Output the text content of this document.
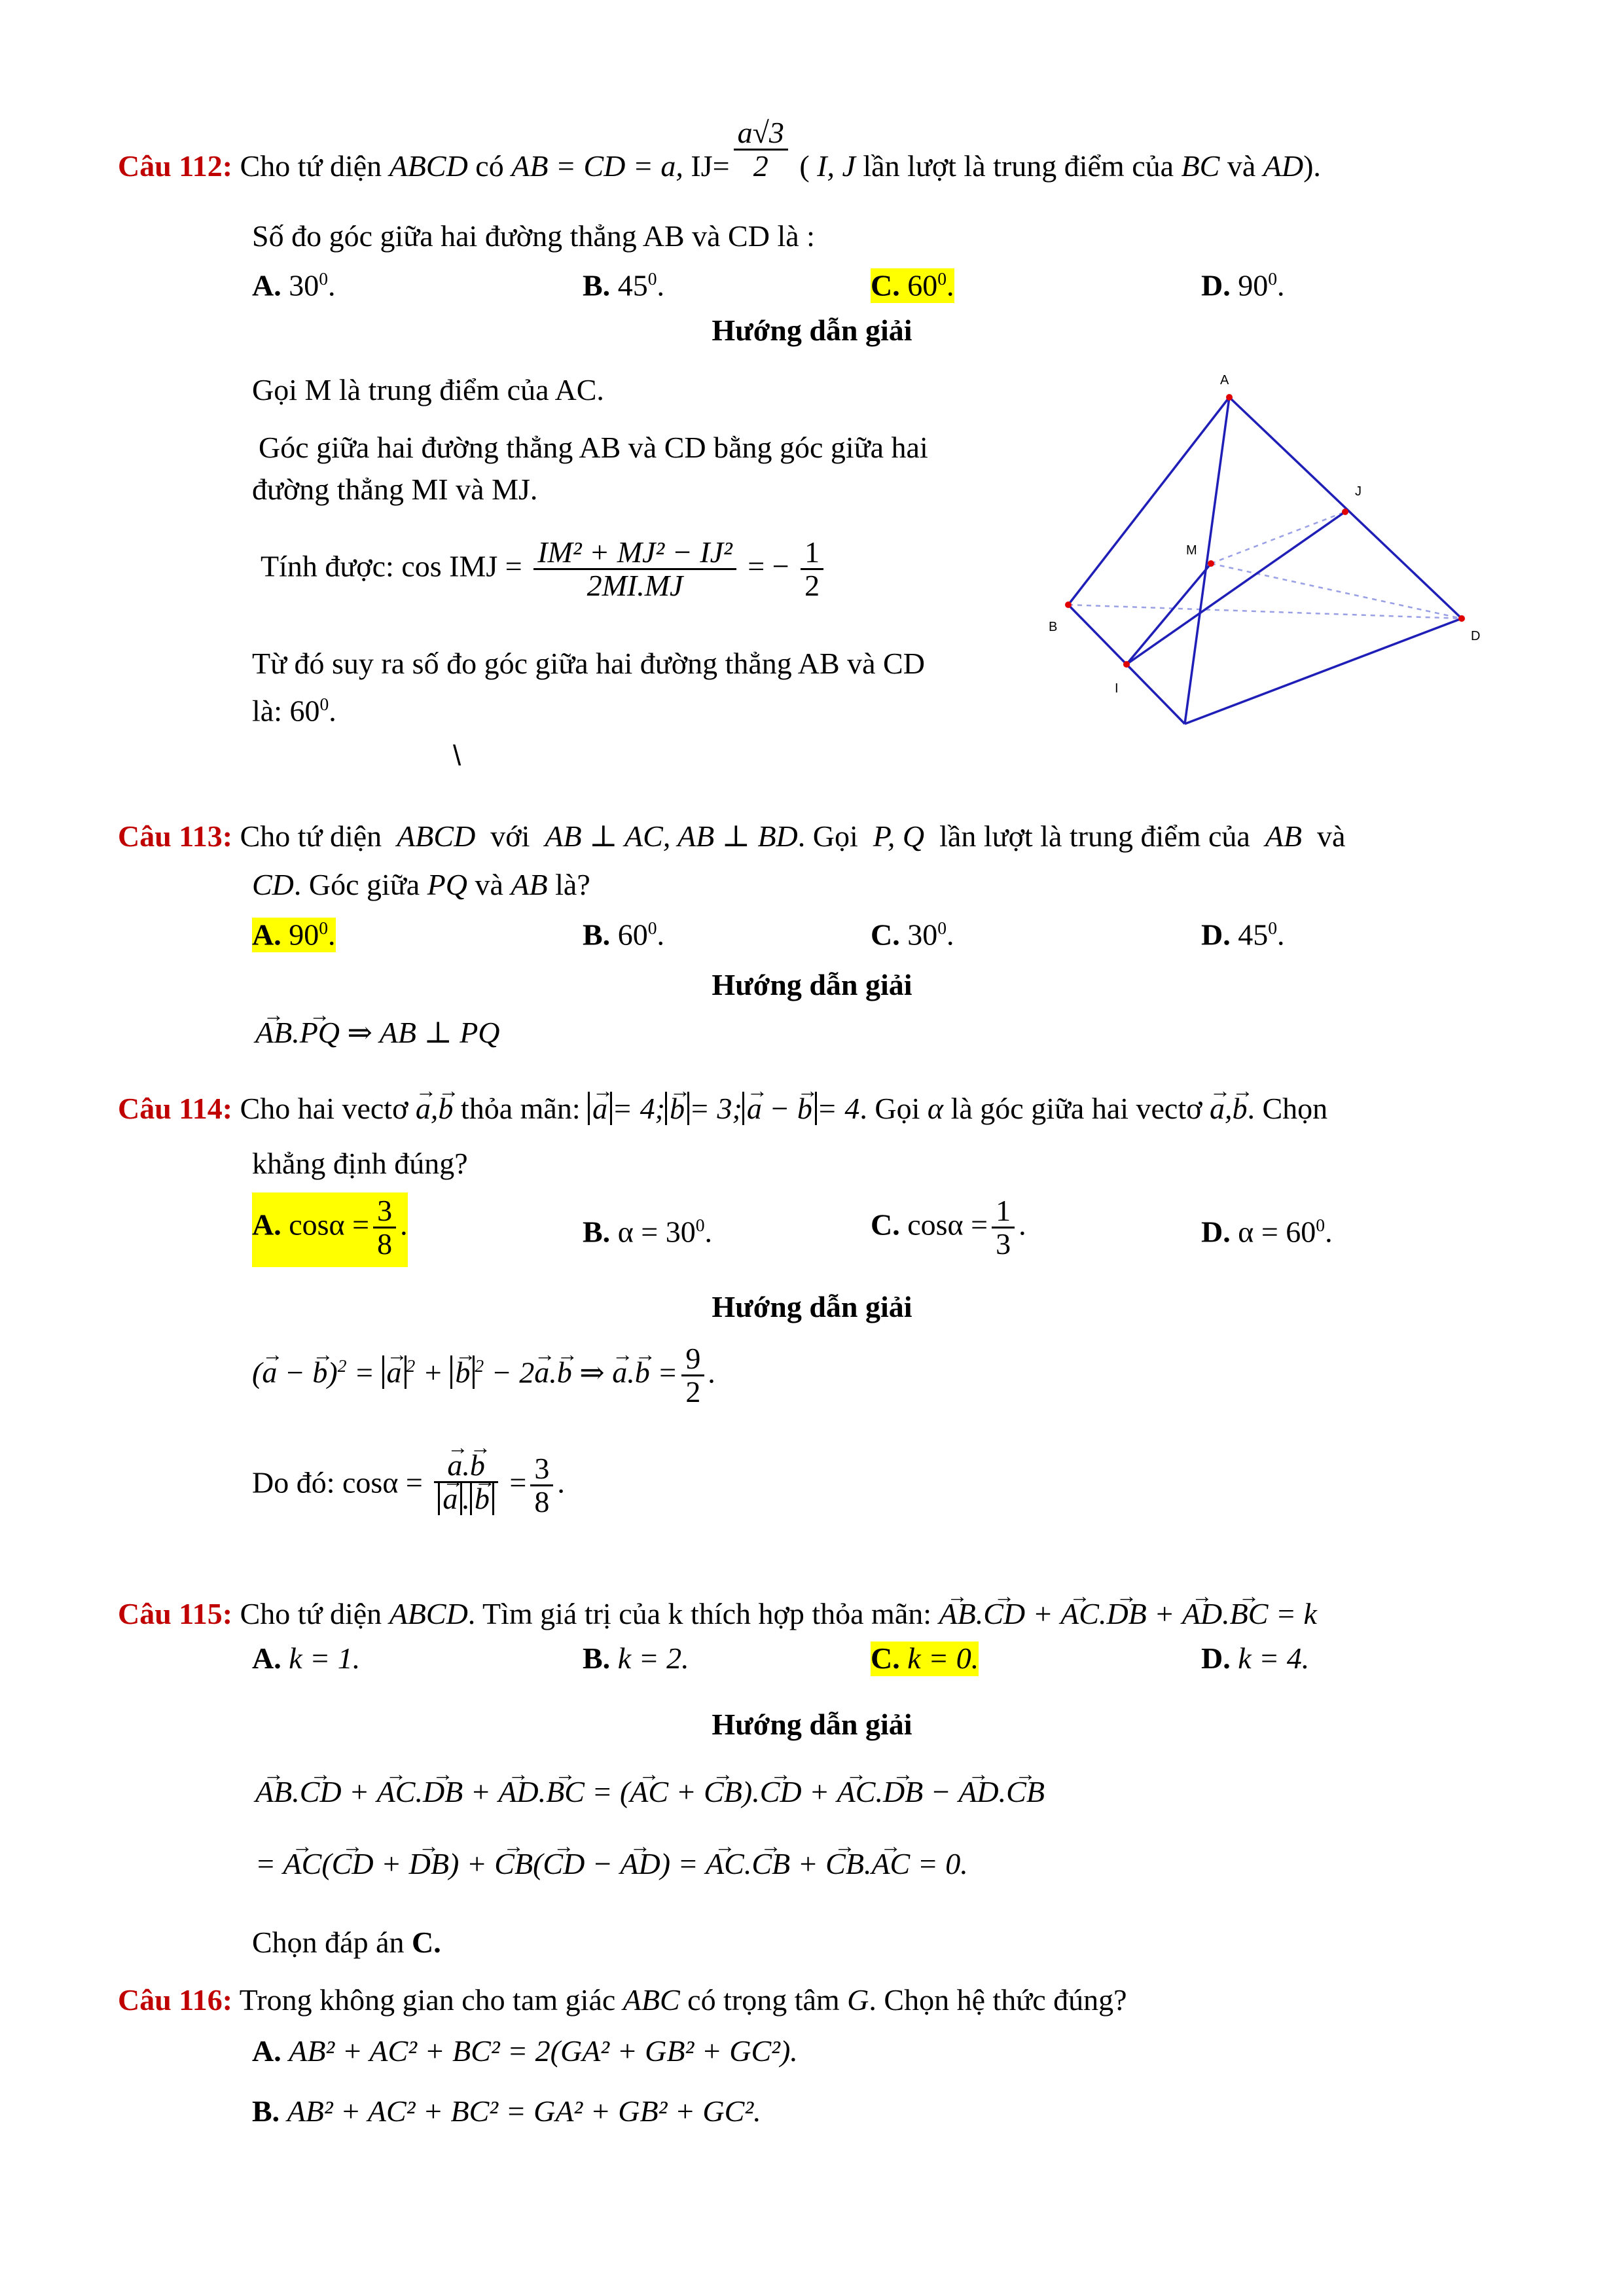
Câu 112: Cho tứ diện ABCD có AB = CD = a, $IJ= \frac{a√3}{2}$ ( I, J lần lượt là trung điểm của BC và AD).
Số đo góc giữa hai đường thẳng AB và CD là :
A. $30^0$.	B. $45^0$.	C. $60^0$.	D. $90^0$.
Hướng dẫn giải
Gọi M là trung điểm của AC.
Góc giữa hai đường thẳng AB và CD bằng góc giữa hai
đường thẳng MI và MJ.
Tính được: cos IMJ = $\frac{\text{IM² + MJ² − IJ²}}{2MI.MJ}$ = − $\frac{1}{2}$
Từ đó suy ra số đo góc giữa hai đường thẳng AB và CD
là: $60^0$.
\
A
B
D
I
J
M
Câu 113: Cho tứ diện ABCD với AB ⊥ AC, AB ⊥ BD. Gọi P, Q lần lượt là trung điểm của AB và
CD. Góc giữa PQ và AB là?
A. $90^0$.	B. $60^0$.	C. $30^0$.	D. $45^0$.
Hướng dẫn giải
→ AB.→ PQ ⇒ AB ⊥ PQ
Câu 114: Cho hai vectơ → a,→ b thỏa mãn: → a = 4; → b = 3; → a − → b = 4. Gọi α là góc giữa hai vectơ → a,→ b. Chọn
khẳng định đúng?
A. $\cos\alpha = \frac{3}{8}$ .	B. $\alpha = 30^0$.	C. $\cos\alpha = \frac{1}{3}$ .	D. $\alpha = 60^0$.
Hướng dẫn giải
(→ a − → b)$^2$ = → a $^2$ + → b $^2$ − 2→ a.→ b ⇒ → $a.\to b = \frac{9}{2}$ .
Do đó: cosα = → a.→ b
→ a . → $b = \frac{3}{8}$ .
Câu 115: Cho tứ diện ABCD. Tìm giá trị của k thích hợp thỏa mãn: → AB.→ CD + → AC.→ DB + → AD.→ BC = k
A. k = 1.	B. k = 2.	C. k = 0.	D. k = 4.
Hướng dẫn giải
→ AB.→ CD + → AC.→ DB + → AD.→ BC = (→ AC + → CB).→ CD + → AC.→ DB − → AD.→ CB
= → AC(→ CD + → DB) + → CB(→ CD − → AD) = → AC.→ CB + → CB.→ AC = 0.
Chọn đáp án C.
Câu 116: Trong không gian cho tam giác ABC có trọng tâm G. Chọn hệ thức đúng?
A. AB² + AC² + BC² = 2(GA² + GB² + GC²).
B. AB² + AC² + BC² = GA² + GB² + GC².
